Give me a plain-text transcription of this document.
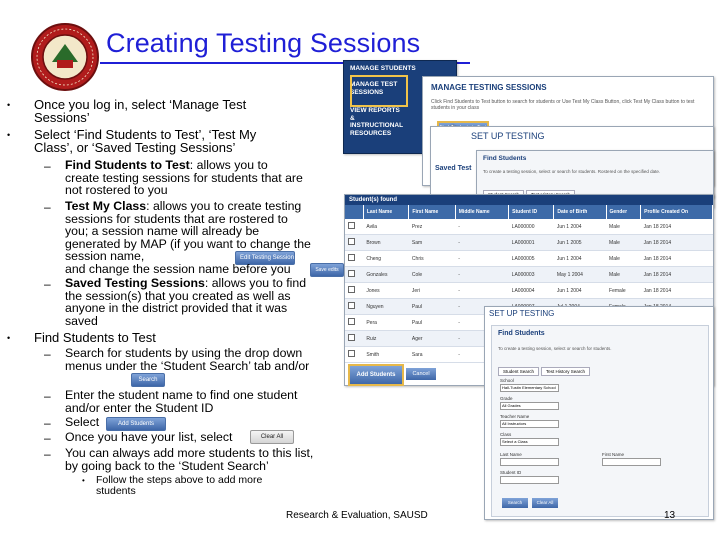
Creating Testing Sessions
• Once you log in, select ‘Manage Test Sessions’
• Select ‘Find Students to Test’, ‘Test My Class’, or ‘Saved Testing Sessions’
– Find Students to Test: allows you to create testing sessions for students that are not rostered to you
– Test My Class: allows you to create testing sessions for students that are rostered to you; a session name will already be generated by MAP (if you want to change the session name,	Edit Testing Session
and change the session name before you	Save edits
– Saved Testing Sessions: allows you to find the session(s) that you created as well as anyone in the district provided that it was saved
• Find Students to Test
– Search for students by using the drop down menus under the ‘Student Search’ tab and/or
Search
– Enter the student name to find one student and/or enter the Student ID
– Select	Add Students
– Once you have your list, select	Clear All
– You can always add more students to this list, by going back to the ‘Student Search’
• Follow the steps above to add more students
MANAGE STUDENTS
MANAGE TEST SESSIONS
VIEW REPORTS & INSTRUCTIONAL RESOURCES
MANAGE TESTING SESSIONS
Click Find Students to Test button to search for students or Use Test My Class Button, click Test My Class button to test students in your class
SET UP TESTING
Saved Test
Find Students
To create a testing session, select or search for students. Rostered on the specified date.
Student(s) found
	Last Name	First Name	Middle Name	Student ID	Date of Birth	Gender	Profile Created On
	Avila	Prez	-	LA000000	Jun 1 2004	Male	Jan 18 2014
	Brown	Sam	-	LA000001	Jun 1 2005	Male	Jan 18 2014
	Cheng	Chris	-	LA000005	Jun 1 2004	Male	Jan 18 2014
	Gonzales	Cole	-	LA000003	May 1 2004	Male	Jan 18 2014
	Jones	Jeri	-	LA000004	Jun 1 2004	Female	Jan 18 2014
	Nguyen	Paul	-				
	Pera	Paul	-				
	Ruiz	Ager	-				
	Smith	Sara	-				
Add Students	Cancel
SET UP TESTING
Find Students
To create a testing session, select or search for students.
Student Search	Test History Search
School
Hall-Tustin Elementary School
Grade
All Grades
Teacher Name
All Instructors
Class
Select a Class
Last Name	First Name
Student ID
Search	Clear All
Research & Evaluation, SAUSD	13
